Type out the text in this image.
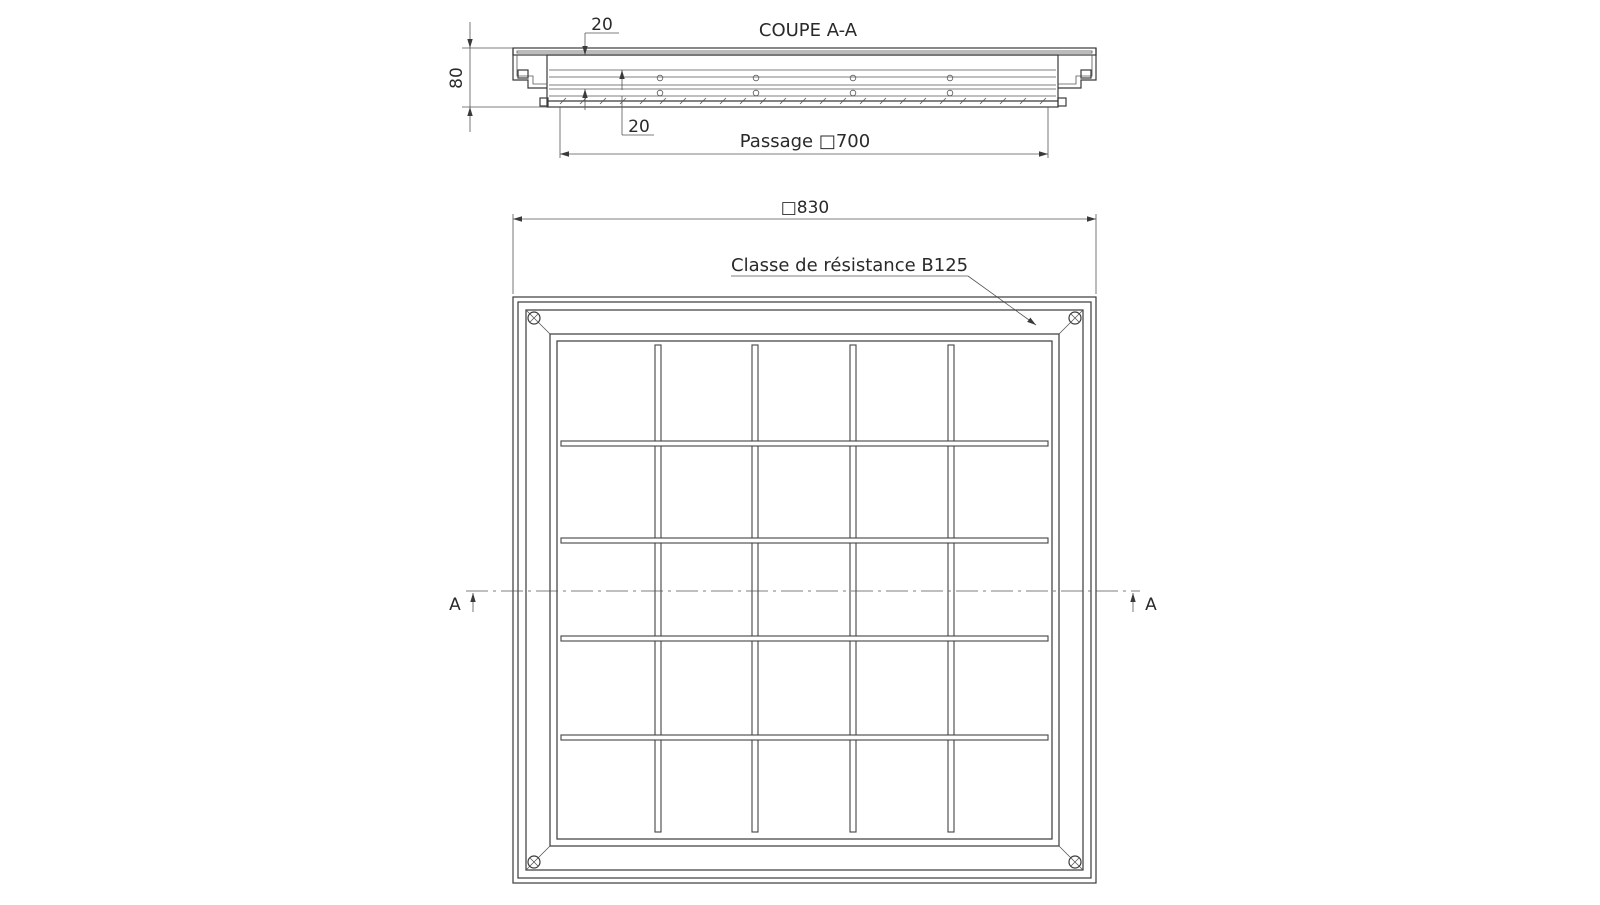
COUPE A-A
80
20
20
Passage □700
□830
Classe de résistance B125
A	A
